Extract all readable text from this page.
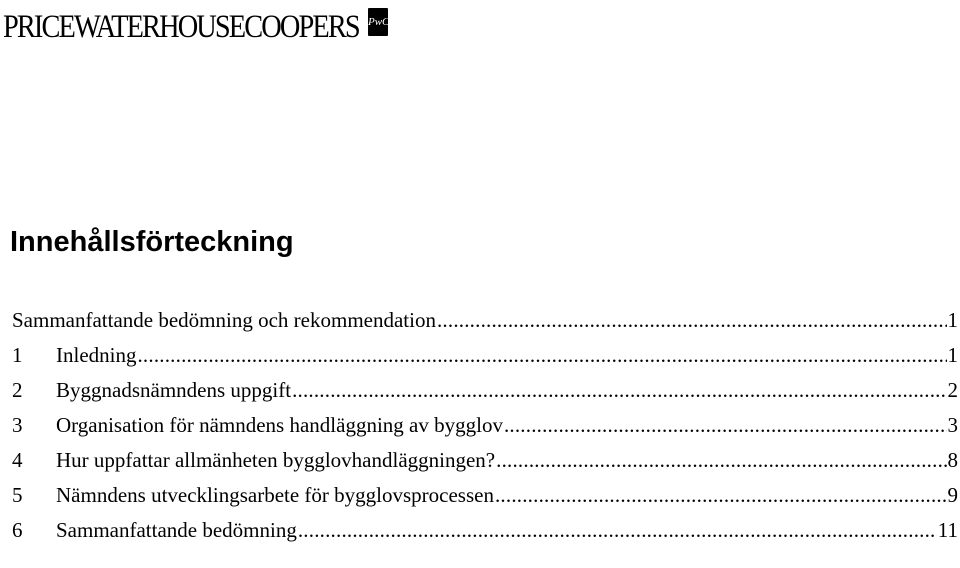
PRICEWATERHOUSECOOPERS PwC
Innehållsförteckning
Sammanfattande bedömning och rekommendation .....	1
1	Inledning .....	1
2	Byggnadsnämndens uppgift .....	2
3	Organisation för nämndens handläggning av bygglov .....	3
4	Hur uppfattar allmänheten bygglovhandläggningen? .....	8
5	Nämndens utvecklingsarbete för bygglovsprocessen .....	9
6	Sammanfattande bedömning .....	11
